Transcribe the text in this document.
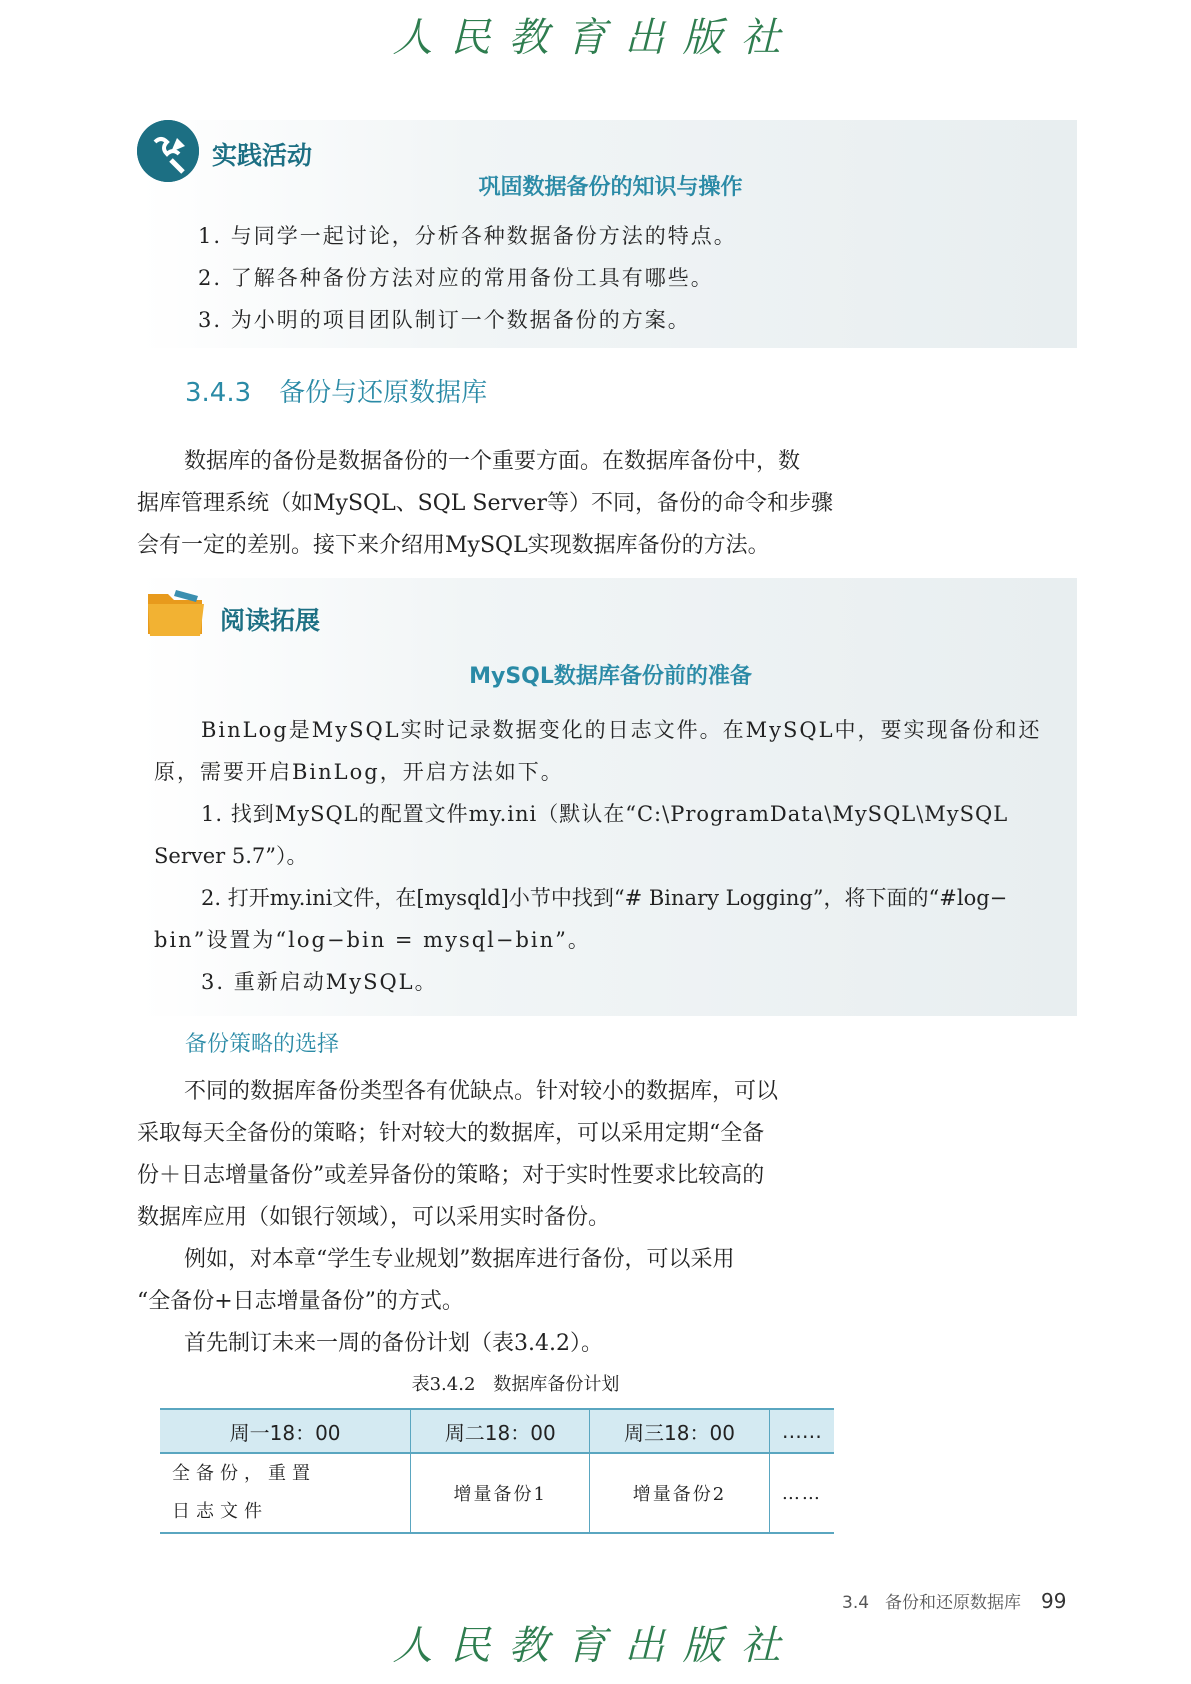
人民教育出版社
实践活动
巩固数据备份的知识与操作
1. 与同学一起讨论，分析各种数据备份方法的特点。
2. 了解各种备份方法对应的常用备份工具有哪些。
3. 为小明的项目团队制订一个数据备份的方案。
3.4.3 备份与还原数据库
数据库的备份是数据备份的一个重要方面。在数据库备份中，数
据库管理系统（如MySQL、SQL Server等）不同，备份的命令和步骤
会有一定的差别。接下来介绍用MySQL实现数据库备份的方法。
阅读拓展
MySQL数据库备份前的准备
BinLog是MySQL实时记录数据变化的日志文件。在MySQL中，要实现备份和还
原，需要开启BinLog，开启方法如下。
1. 找到MySQL的配置文件my.ini（默认在“C:\ProgramData\MySQL\MySQL
Server 5.7”）。
2. 打开my.ini文件，在[mysqld]小节中找到“# Binary Logging”，将下面的“#log−
bin”设置为“log−bin = mysql−bin”。
3. 重新启动MySQL。
备份策略的选择
不同的数据库备份类型各有优缺点。针对较小的数据库，可以
采取每天全备份的策略；针对较大的数据库，可以采用定期“全备
份＋日志增量备份”或差异备份的策略；对于实时性要求比较高的
数据库应用（如银行领域），可以采用实时备份。
例如，对本章“学生专业规划”数据库进行备份，可以采用
“全备份+日志增量备份”的方式。
首先制订未来一周的备份计划（表3.4.2）。
表3.4.2　数据库备份计划
周一18：00	周二18：00	周三18：00	……

全备份，重置
日志文件	增量备份1	增量备份2	……
3.4 备份和还原数据库 99
人民教育出版社
